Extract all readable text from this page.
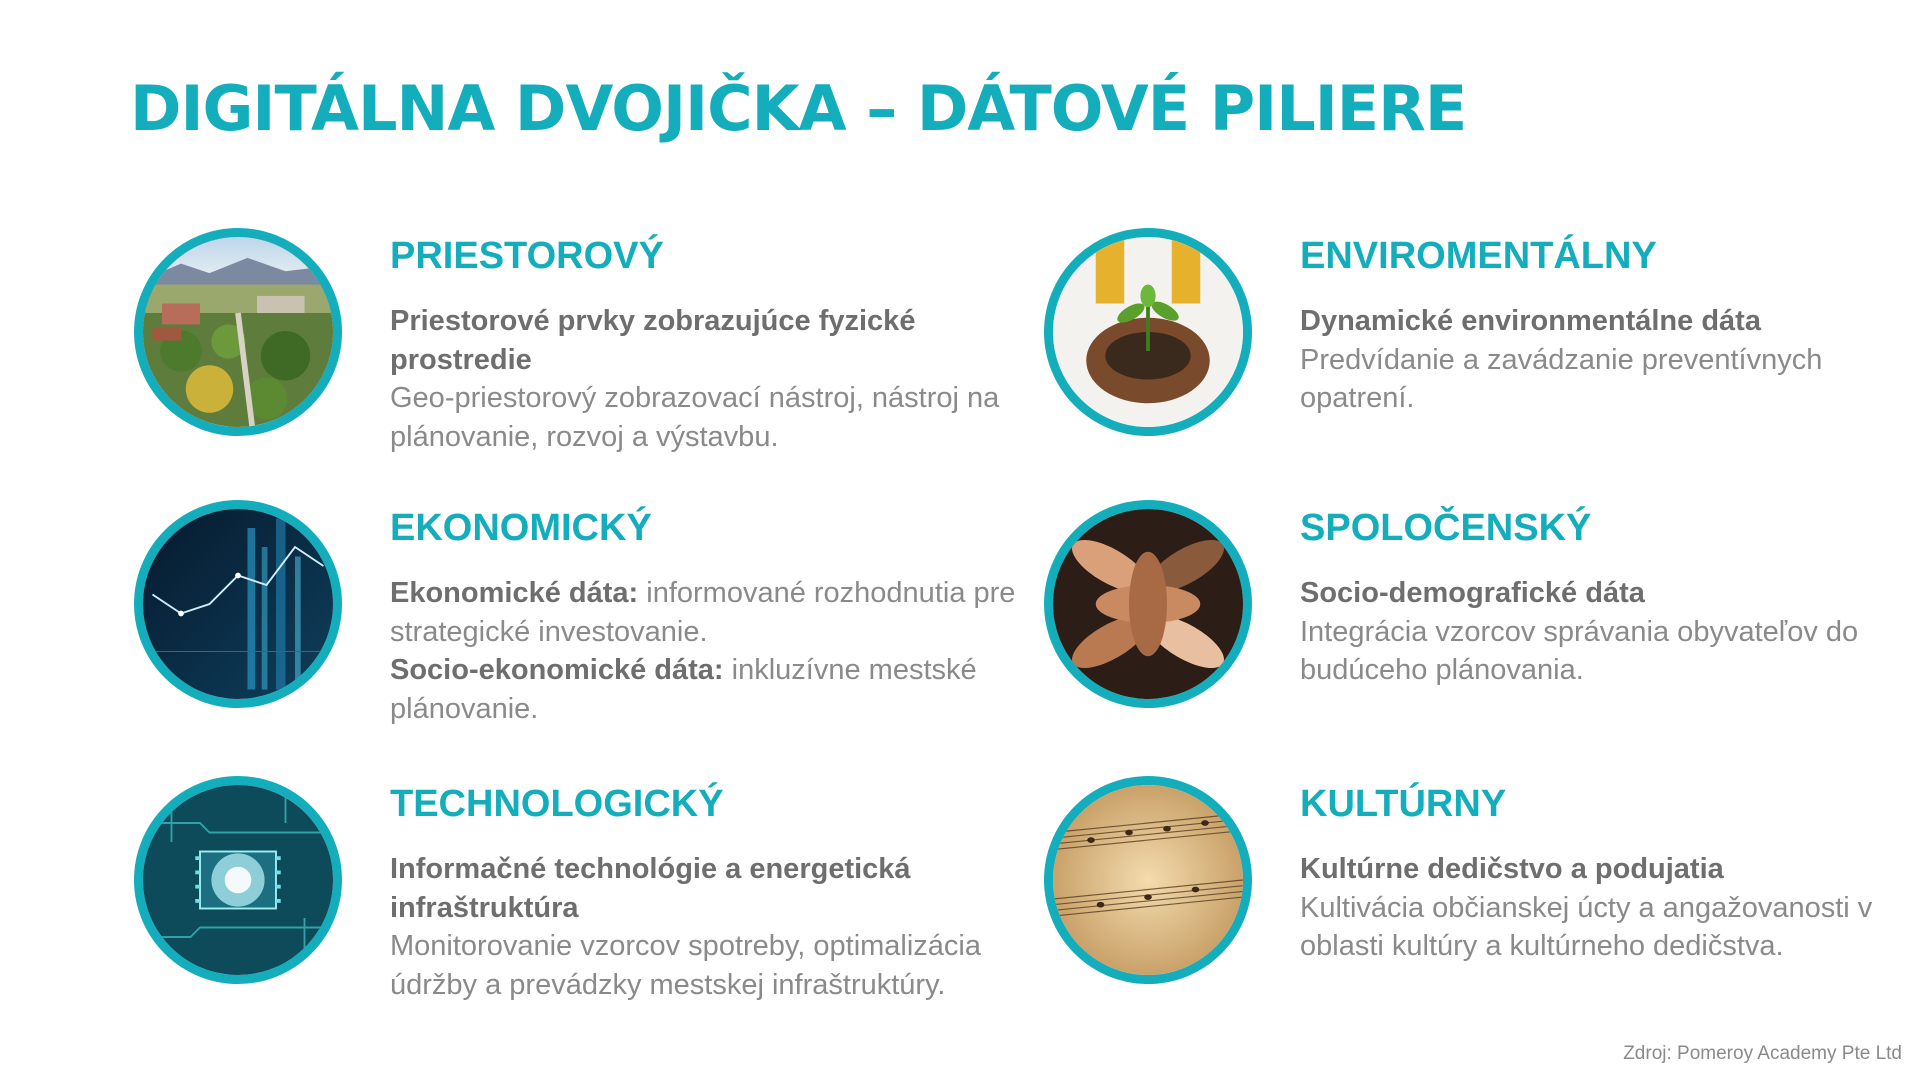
DIGITÁLNA DVOJIČKA – DÁTOVÉ PILIERE
PRIESTOROVÝ
Priestorové prvky zobrazujúce fyzické prostredie
Geo-priestorový zobrazovací nástroj, nástroj na plánovanie, rozvoj a výstavbu.
ENVIROMENTÁLNY
Dynamické environmentálne dáta
Predvídanie a zavádzanie preventívnych opatrení.
EKONOMICKÝ
Ekonomické dáta: informované rozhodnutia pre strategické investovanie.
Socio-ekonomické dáta: inkluzívne mestské plánovanie.
SPOLOČENSKÝ
Socio-demografické dáta
Integrácia vzorcov správania obyvateľov do budúceho plánovania.
TECHNOLOGICKÝ
Informačné technológie a energetická infraštruktúra
Monitorovanie vzorcov spotreby, optimalizácia údržby a prevádzky mestskej infraštruktúry.
KULTÚRNY
Kultúrne dedičstvo a podujatia
Kultivácia občianskej úcty a angažovanosti v oblasti kultúry a kultúrneho dedičstva.
Zdroj: Pomeroy Academy Pte Ltd
